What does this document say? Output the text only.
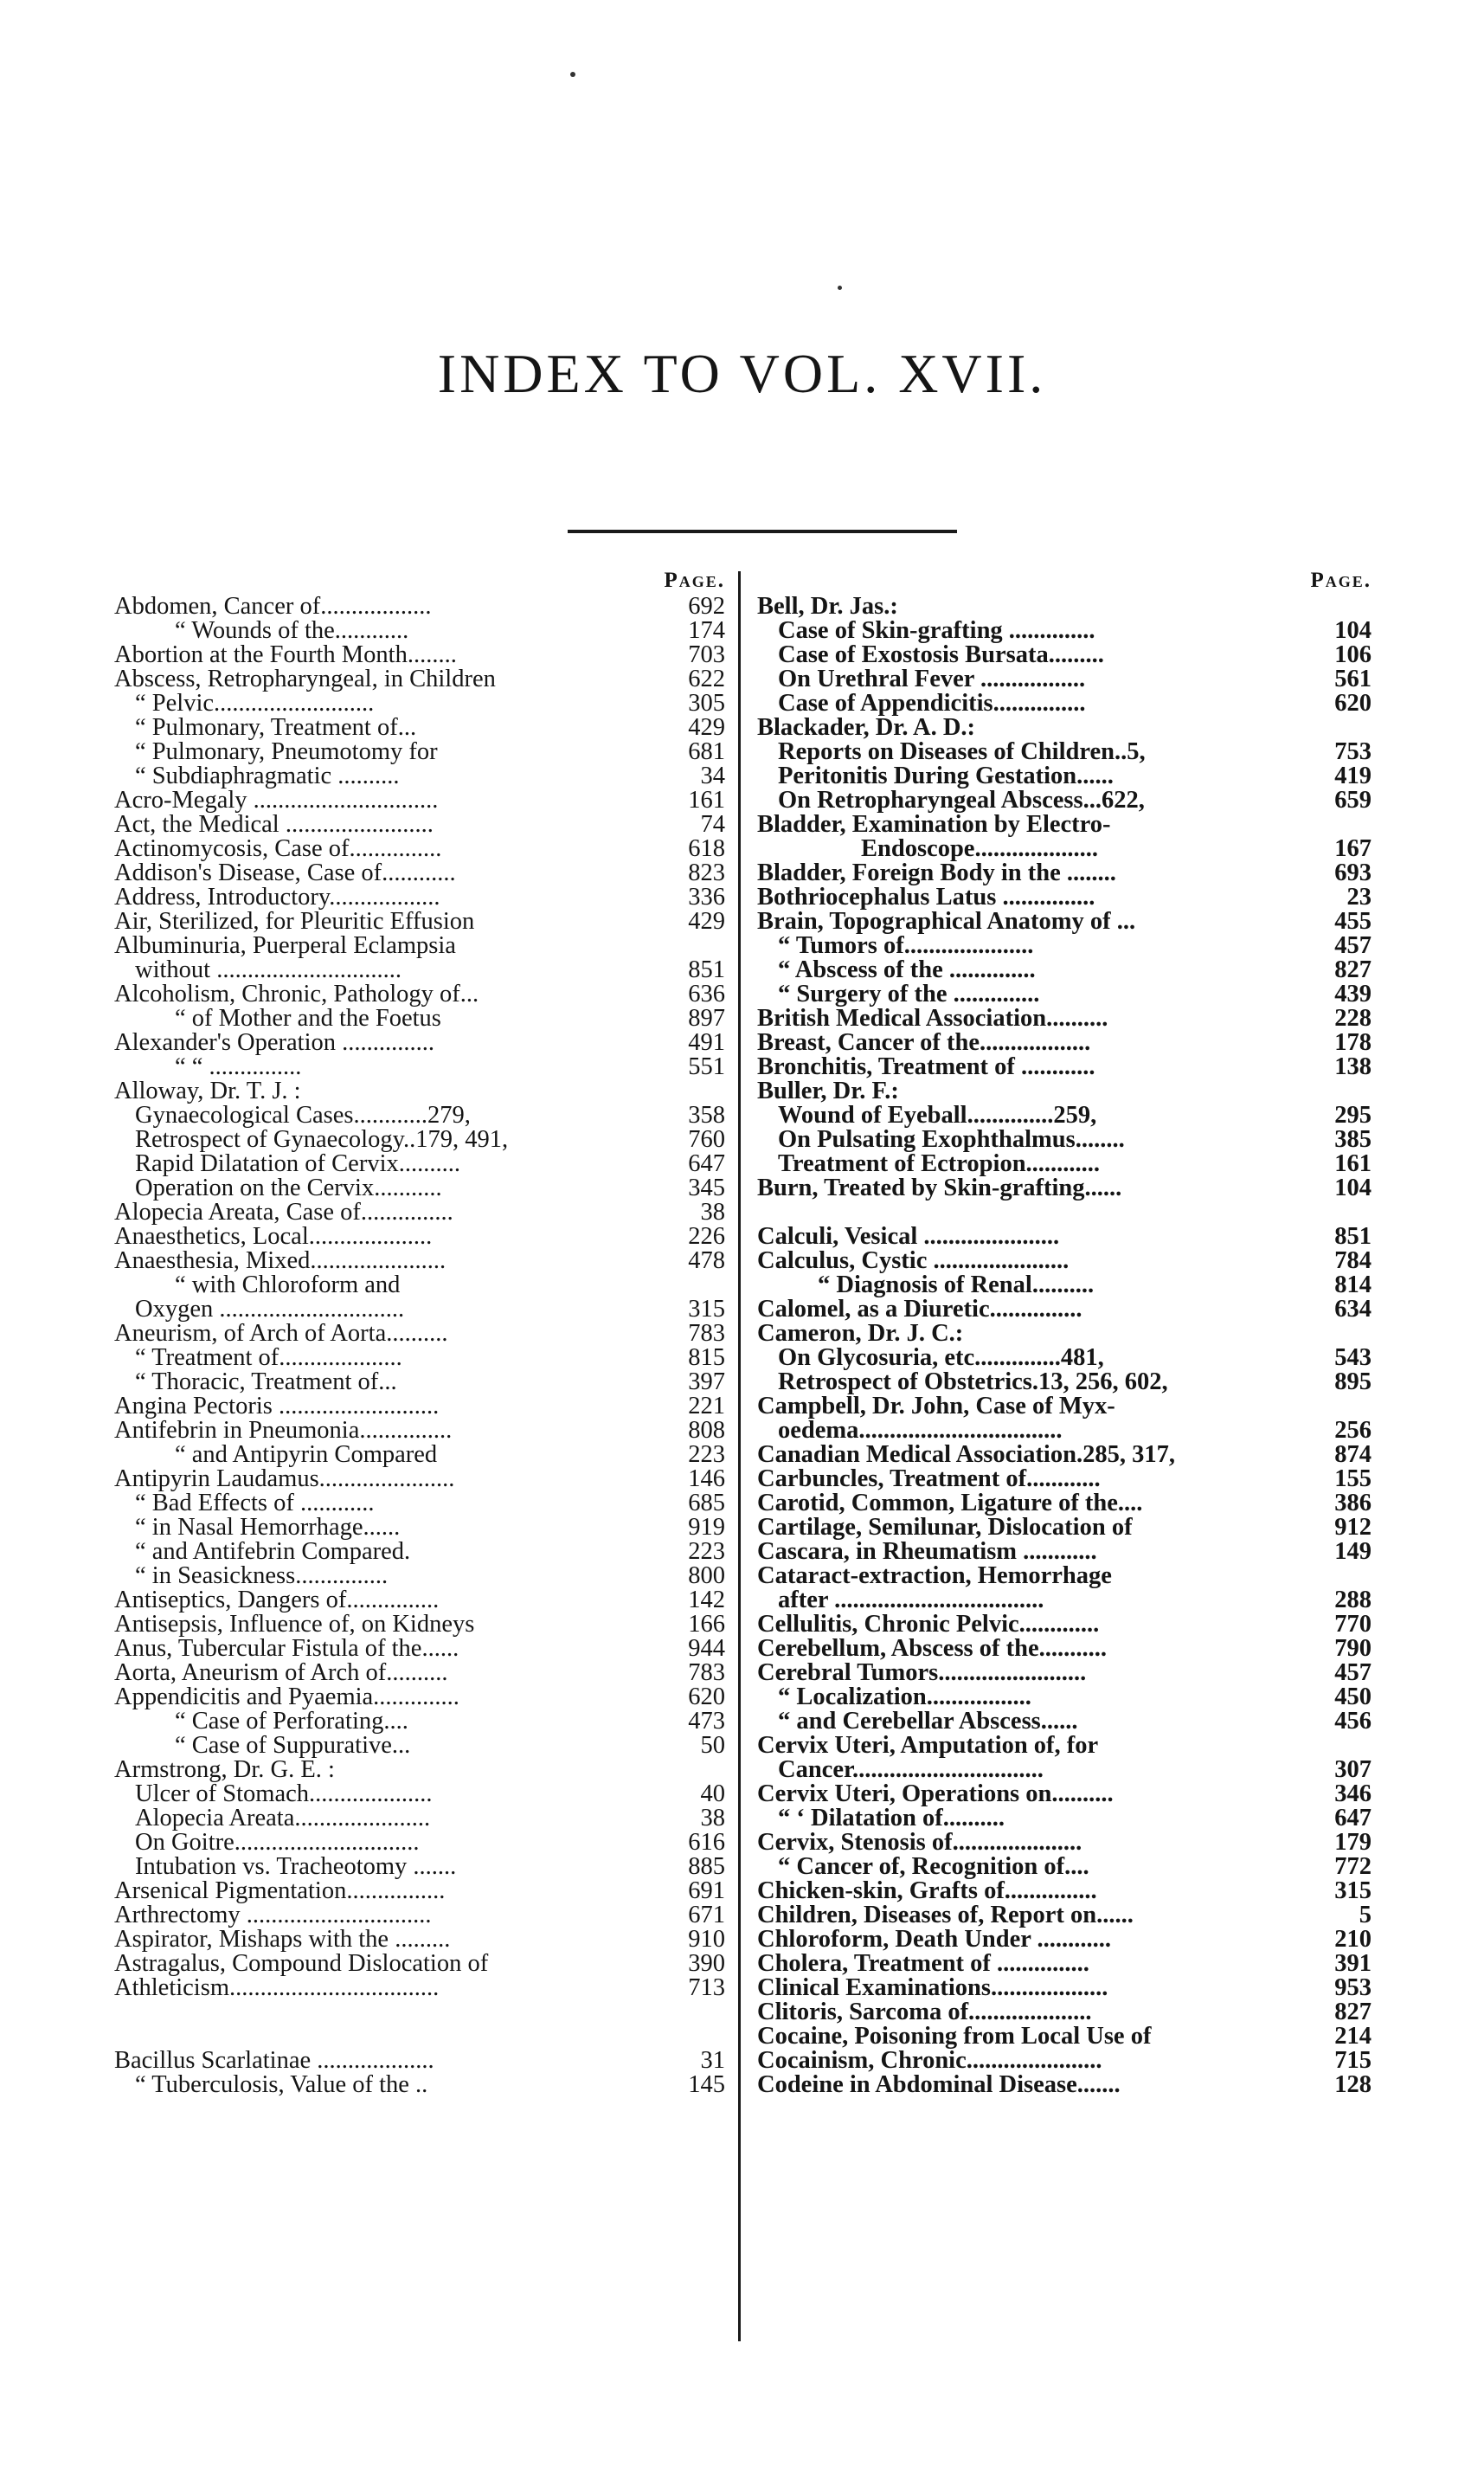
INDEX TO VOL. XVII.
Page.
Abdomen, Cancer of..................	692
“ Wounds of the............	174
Abortion at the Fourth Month........	703
Abscess, Retropharyngeal, in Children	622
“ Pelvic..........................	305
“ Pulmonary, Treatment of...	429
“ Pulmonary, Pneumotomy for	681
“ Subdiaphragmatic ..........	34
Acro-Megaly ..............................	161
Act, the Medical ........................	74
Actinomycosis, Case of...............	618
Addison's Disease, Case of............	823
Address, Introductory..................	336
Air, Sterilized, for Pleuritic Effusion	429
Albuminuria, Puerperal Eclampsia
without ..............................	851
Alcoholism, Chronic, Pathology of...	636
“ of Mother and the Foetus	897
Alexander's Operation ...............	491
“ “ ...............	551
Alloway, Dr. T. J. :
Gynaecological Cases............279,	358
Retrospect of Gynaecology..179, 491,	760
Rapid Dilatation of Cervix..........	647
Operation on the Cervix...........	345
Alopecia Areata, Case of...............	38
Anaesthetics, Local....................	226
Anaesthesia, Mixed......................	478
“ with Chloroform and
Oxygen ..............................	315
Aneurism, of Arch of Aorta..........	783
“ Treatment of....................	815
“ Thoracic, Treatment of...	397
Angina Pectoris ..........................	221
Antifebrin in Pneumonia...............	808
“ and Antipyrin Compared	223
Antipyrin Laudamus......................	146
“ Bad Effects of ............	685
“ in Nasal Hemorrhage......	919
“ and Antifebrin Compared.	223
“ in Seasickness...............	800
Antiseptics, Dangers of...............	142
Antisepsis, Influence of, on Kidneys	166
Anus, Tubercular Fistula of the......	944
Aorta, Aneurism of Arch of..........	783
Appendicitis and Pyaemia..............	620
“ Case of Perforating....	473
“ Case of Suppurative...	50
Armstrong, Dr. G. E. :
Ulcer of Stomach....................	40
Alopecia Areata......................	38
On Goitre..............................	616
Intubation vs. Tracheotomy .......	885
Arsenical Pigmentation................	691
Arthrectomy ..............................	671
Aspirator, Mishaps with the .........	910
Astragalus, Compound Dislocation of	390
Athleticism..................................	713
Bacillus Scarlatinae ...................	31
“ Tuberculosis, Value of the ..	145
Page.
Bell, Dr. Jas.:
Case of Skin-grafting ..............	104
Case of Exostosis Bursata.........	106
On Urethral Fever .................	561
Case of Appendicitis...............	620
Blackader, Dr. A. D.:
Reports on Diseases of Children..5,	753
Peritonitis During Gestation......	419
On Retropharyngeal Abscess...622,	659
Bladder, Examination by Electro-
Endoscope....................	167
Bladder, Foreign Body in the ........	693
Bothriocephalus Latus ...............	23
Brain, Topographical Anatomy of ...	455
“ Tumors of.....................	457
“ Abscess of the ..............	827
“ Surgery of the ..............	439
British Medical Association..........	228
Breast, Cancer of the..................	178
Bronchitis, Treatment of ............	138
Buller, Dr. F.:
Wound of Eyeball..............259,	295
On Pulsating Exophthalmus........	385
Treatment of Ectropion............	161
Burn, Treated by Skin-grafting......	104
Calculi, Vesical ......................	851
Calculus, Cystic ......................	784
“ Diagnosis of Renal..........	814
Calomel, as a Diuretic...............	634
Cameron, Dr. J. C.:
On Glycosuria, etc..............481,	543
Retrospect of Obstetrics.13, 256, 602,	895
Campbell, Dr. John, Case of Myx-
oedema.................................	256
Canadian Medical Association.285, 317,	874
Carbuncles, Treatment of............	155
Carotid, Common, Ligature of the....	386
Cartilage, Semilunar, Dislocation of	912
Cascara, in Rheumatism ............	149
Cataract-extraction, Hemorrhage
after ..................................	288
Cellulitis, Chronic Pelvic.............	770
Cerebellum, Abscess of the...........	790
Cerebral Tumors........................	457
“ Localization.................	450
“ and Cerebellar Abscess......	456
Cervix Uteri, Amputation of, for
Cancer...............................	307
Cervix Uteri, Operations on..........	346
“ ‘ Dilatation of..........	647
Cervix, Stenosis of.....................	179
“ Cancer of, Recognition of....	772
Chicken-skin, Grafts of...............	315
Children, Diseases of, Report on......	5
Chloroform, Death Under ............	210
Cholera, Treatment of ...............	391
Clinical Examinations...................	953
Clitoris, Sarcoma of....................	827
Cocaine, Poisoning from Local Use of	214
Cocainism, Chronic......................	715
Codeine in Abdominal Disease.......	128
